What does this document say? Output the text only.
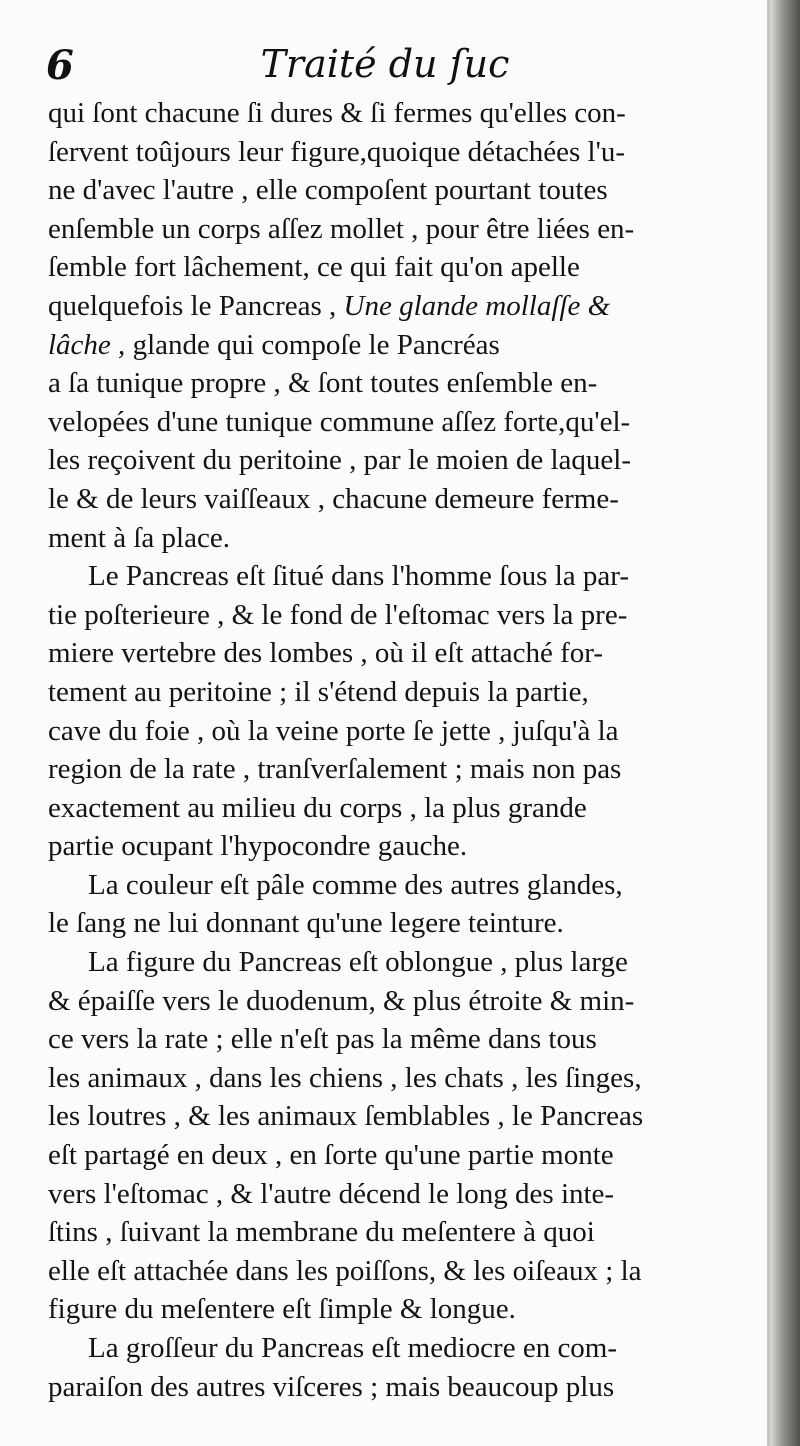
6	Traité du ſuc
qui ſont chacune ſi dures & ſi fermes qu'elles con-
ſervent toûjours leur figure,quoique détachées l'u-
ne d'avec l'autre , elle compoſent pourtant toutes
enſemble un corps aſſez mollet , pour être liées en-
ſemble fort lâchement, ce qui fait qu'on apelle
quelquefois le Pancreas , Une glande mollaſſe &
lâche , glande qui compoſe le Pancréas
a ſa tunique propre , & ſont toutes enſemble en-
velopées d'une tunique commune aſſez forte,qu'el-
les reçoivent du peritoine , par le moien de laquel-
le & de leurs vaiſſeaux , chacune demeure ferme-
ment à ſa place.
Le Pancreas eſt ſitué dans l'homme ſous la par-
tie poſterieure , & le fond de l'eſtomac vers la pre-
miere vertebre des lombes , où il eſt attaché for-
tement au peritoine ; il s'étend depuis la partie,
cave du foie , où la veine porte ſe jette , juſqu'à la
region de la rate , tranſverſalement ; mais non pas
exactement au milieu du corps , la plus grande
partie ocupant l'hypocondre gauche.
La couleur eſt pâle comme des autres glandes,
le ſang ne lui donnant qu'une legere teinture.
La figure du Pancreas eſt oblongue , plus large
& épaiſſe vers le duodenum, & plus étroite & min-
ce vers la rate ; elle n'eſt pas la même dans tous
les animaux , dans les chiens , les chats , les ſinges,
les loutres , & les animaux ſemblables , le Pancreas
eſt partagé en deux , en ſorte qu'une partie monte
vers l'eſtomac , & l'autre décend le long des inte-
ſtins , ſuivant la membrane du meſentere à quoi
elle eſt attachée dans les poiſſons, & les oiſeaux ; la
figure du meſentere eſt ſimple & longue.
La groſſeur du Pancreas eſt mediocre en com-
paraiſon des autres viſceres ; mais beaucoup plus
